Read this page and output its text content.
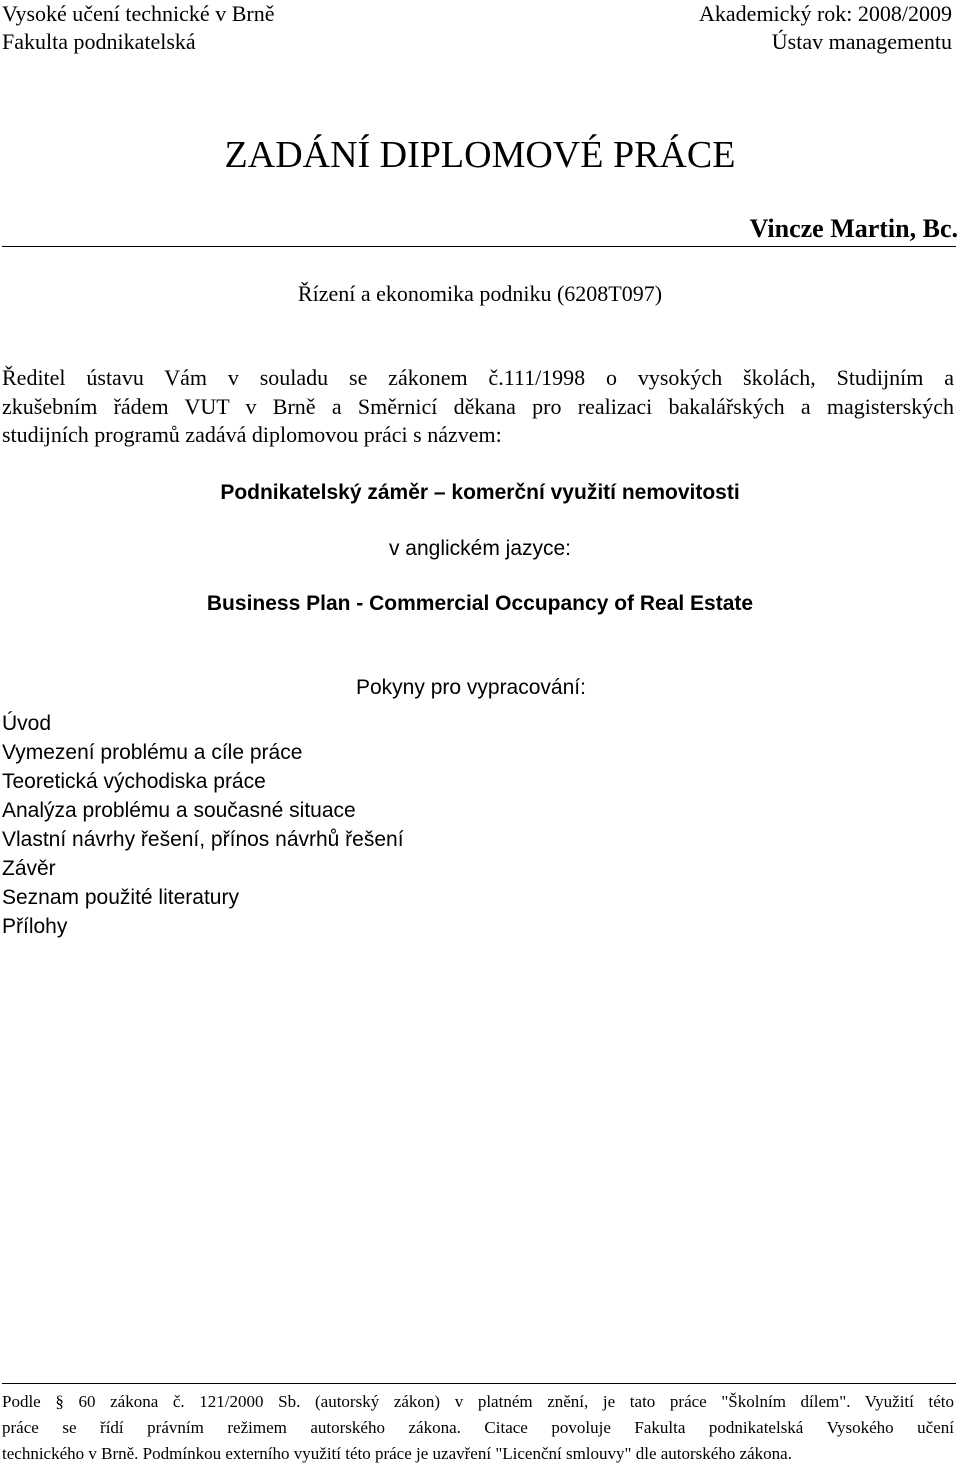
Vysoké učení technické v Brně
Fakulta podnikatelská
Akademický rok: 2008/2009
Ústav managementu
ZADÁNÍ DIPLOMOVÉ PRÁCE
Vincze Martin, Bc.
Řízení a ekonomika podniku (6208T097)
Ředitel ústavu Vám v souladu se zákonem č.111/1998 o vysokých školách, Studijním a
zkušebním řádem VUT v Brně a Směrnicí děkana pro realizaci bakalářských a magisterských
studijních programů zadává diplomovou práci s názvem:
Podnikatelský záměr – komerční využití nemovitosti
v anglickém jazyce:
Business Plan - Commercial Occupancy of Real Estate
Pokyny pro vypracování:
Úvod
Vymezení problému a cíle práce
Teoretická východiska práce
Analýza problému a současné situace
Vlastní návrhy řešení, přínos návrhů řešení
Závěr
Seznam použité literatury
Přílohy
Podle § 60 zákona č. 121/2000 Sb. (autorský zákon) v platném znění, je tato práce "Školním dílem". Využití této
práce se řídí právním režimem autorského zákona. Citace povoluje Fakulta podnikatelská Vysokého učení
technického v Brně. Podmínkou externího využití této práce je uzavření "Licenční smlouvy" dle autorského zákona.
